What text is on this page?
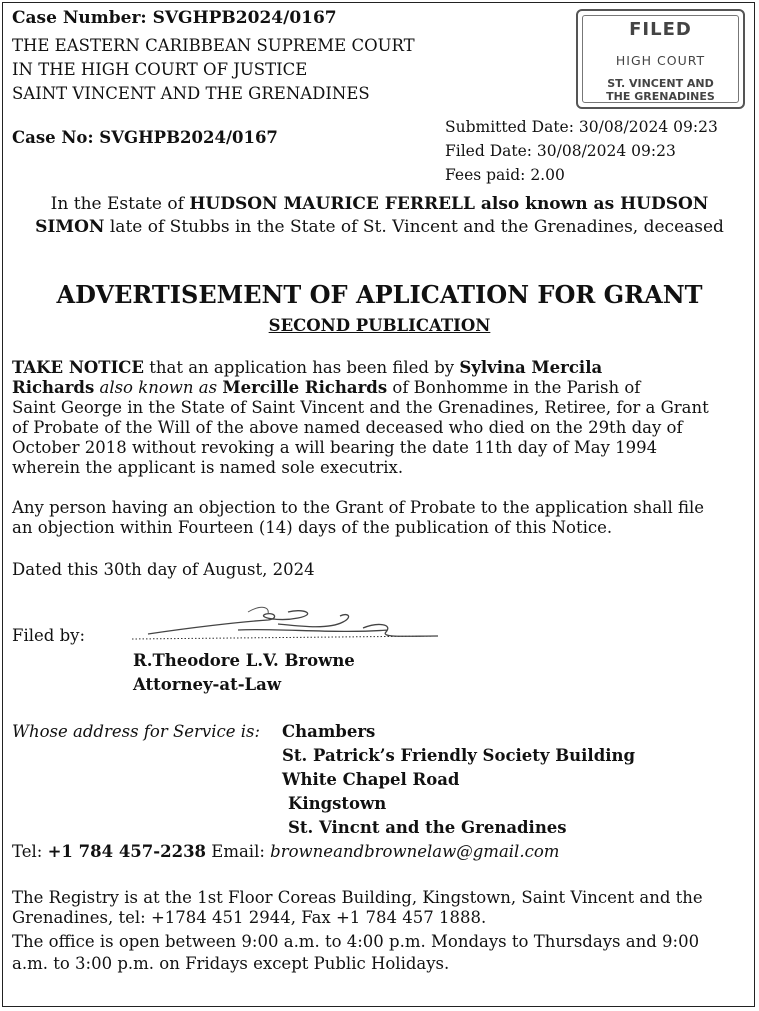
Case Number: SVGHPB2024/0167
THE EASTERN CARIBBEAN SUPREME COURT
IN THE HIGH COURT OF JUSTICE
SAINT VINCENT AND THE GRENADINES
Case No: SVGHPB2024/0167
Submitted Date: 30/08/2024 09:23
Filed Date: 30/08/2024 09:23
Fees paid: 2.00
FILED
HIGH COURT
ST. VINCENT AND
THE GRENADINES
In the Estate of HUDSON MAURICE FERRELL also known as HUDSON
SIMON late of Stubbs in the State of St. Vincent and the Grenadines, deceased
ADVERTISEMENT OF APLICATION FOR GRANT
SECOND PUBLICATION
TAKE NOTICE that an application has been filed by Sylvina Mercila
Richards also known as Mercille Richards of Bonhomme in the Parish of
Saint George in the State of Saint Vincent and the Grenadines, Retiree, for a Grant
of Probate of the Will of the above named deceased who died on the 29th day of
October 2018 without revoking a will bearing the date 11th day of May 1994
wherein the applicant is named sole executrix.
Any person having an objection to the Grant of Probate to the application shall file
an objection within Fourteen (14) days of the publication of this Notice.
Dated this 30th day of August, 2024
Filed by:
R.Theodore L.V. Browne
Attorney-at-Law
Whose address for Service is: Chambers
St. Patrick’s Friendly Society Building
White Chapel Road
Kingstown
St. Vincnt and the Grenadines
Tel: +1 784 457-2238 Email: browneandbrownelaw@gmail.com
The Registry is at the 1st Floor Coreas Building, Kingstown, Saint Vincent and the
Grenadines, tel: +1784 451 2944, Fax +1 784 457 1888.
The office is open between 9:00 a.m. to 4:00 p.m. Mondays to Thursdays and 9:00
a.m. to 3:00 p.m. on Fridays except Public Holidays.
